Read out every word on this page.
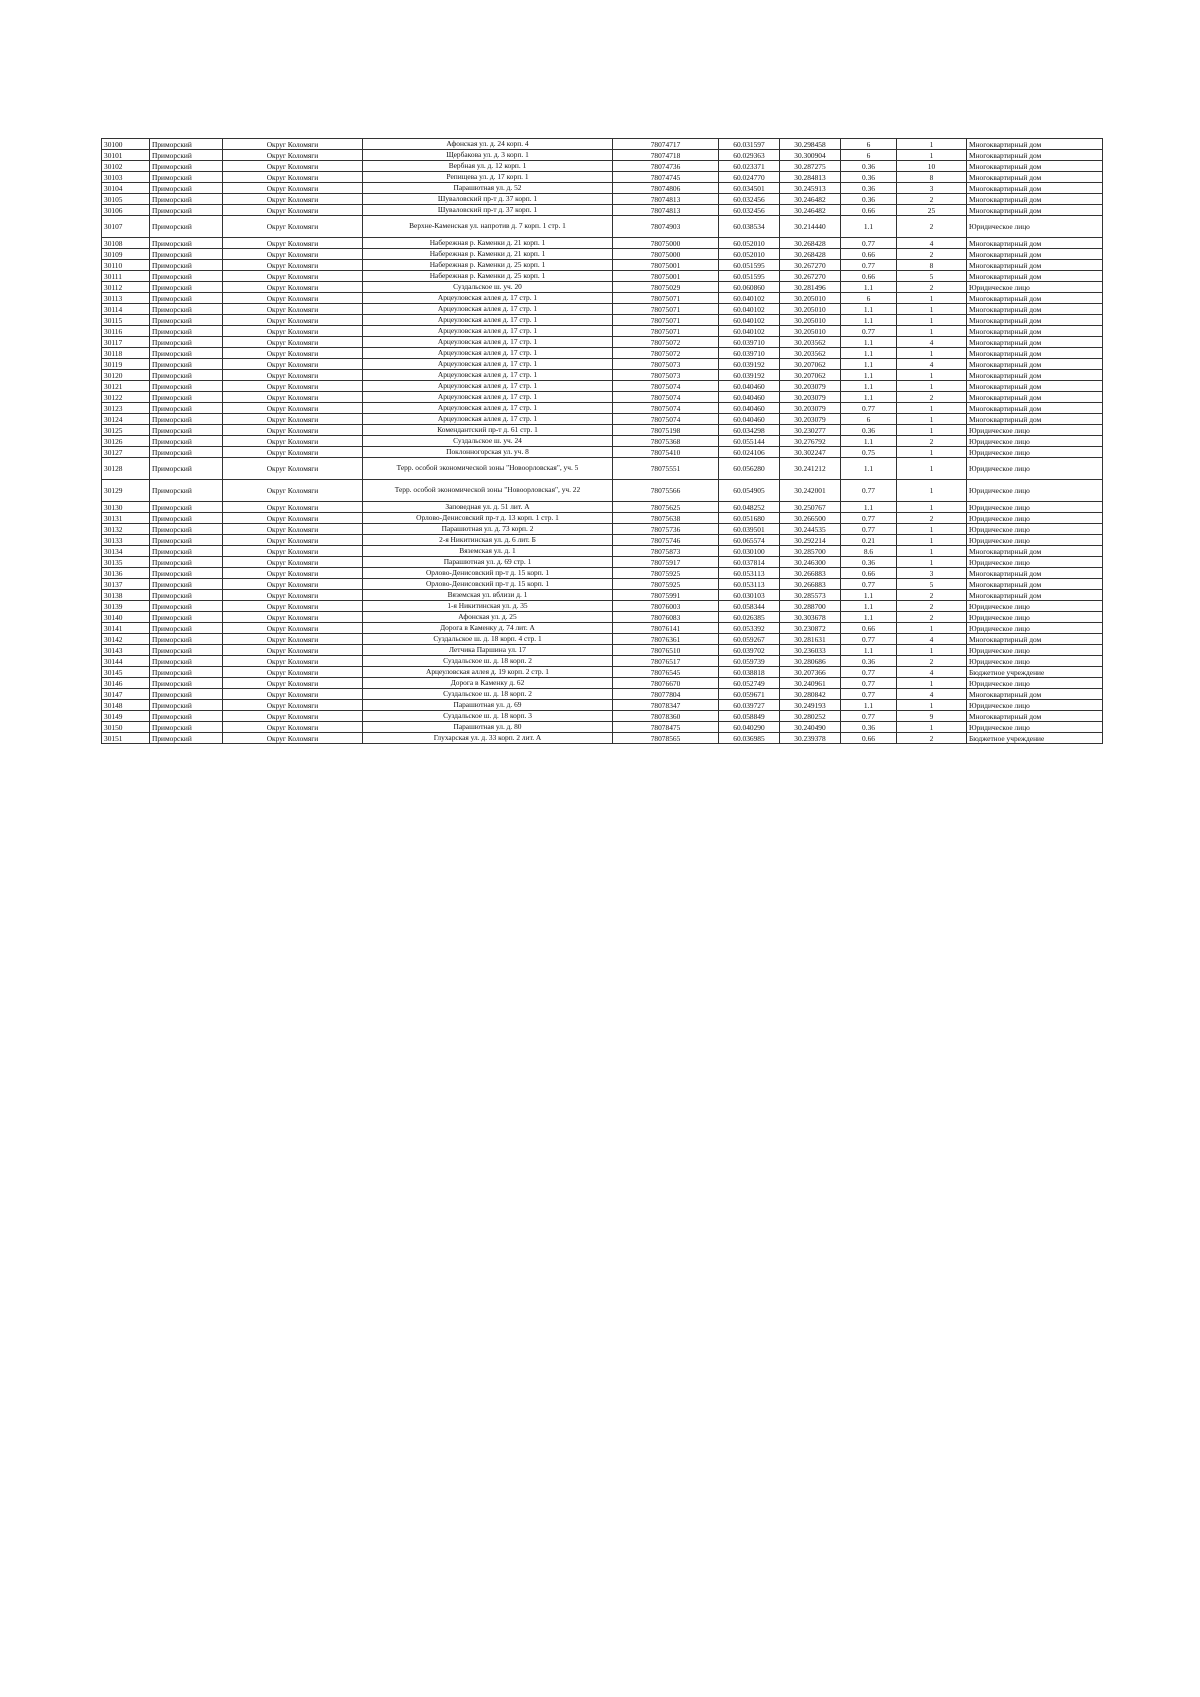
30100	Приморский	Округ Коломяги	Афонская ул. д. 24 корп. 4	78074717	60.031597	30.298458	6	1	Многоквартирный дом
30101	Приморский	Округ Коломяги	Щербакова ул. д. 3 корп. 1	78074718	60.029363	30.300904	6	1	Многоквартирный дом
30102	Приморский	Округ Коломяги	Вербная ул. д. 12 корп. 1	78074736	60.023371	30.287275	0.36	10	Многоквартирный дом
30103	Приморский	Округ Коломяги	Репищева ул. д. 17 корп. 1	78074745	60.024770	30.284813	0.36	8	Многоквартирный дом
30104	Приморский	Округ Коломяги	Парашютная ул. д. 52	78074806	60.034501	30.245913	0.36	3	Многоквартирный дом
30105	Приморский	Округ Коломяги	Шуваловский пр-т д. 37 корп. 1	78074813	60.032456	30.246482	0.36	2	Многоквартирный дом
30106	Приморский	Округ Коломяги	Шуваловский пр-т д. 37 корп. 1	78074813	60.032456	30.246482	0.66	25	Многоквартирный дом
30107	Приморский	Округ Коломяги	Верхне-Каменская ул. напротив д. 7 корп. 1 стр. 1	78074903	60.038534	30.214440	1.1	2	Юридическое лицо
30108	Приморский	Округ Коломяги	Набережная р. Каменки д. 21 корп. 1	78075000	60.052010	30.268428	0.77	4	Многоквартирный дом
30109	Приморский	Округ Коломяги	Набережная р. Каменки д. 21 корп. 1	78075000	60.052010	30.268428	0.66	2	Многоквартирный дом
30110	Приморский	Округ Коломяги	Набережная р. Каменки д. 25 корп. 1	78075001	60.051595	30.267270	0.77	8	Многоквартирный дом
30111	Приморский	Округ Коломяги	Набережная р. Каменки д. 25 корп. 1	78075001	60.051595	30.267270	0.66	5	Многоквартирный дом
30112	Приморский	Округ Коломяги	Суздальское ш. уч. 20	78075029	60.060860	30.281496	1.1	2	Юридическое лицо
30113	Приморский	Округ Коломяги	Арцеуловская аллея д. 17 стр. 1	78075071	60.040102	30.205010	6	1	Многоквартирный дом
30114	Приморский	Округ Коломяги	Арцеуловская аллея д. 17 стр. 1	78075071	60.040102	30.205010	1.1	1	Многоквартирный дом
30115	Приморский	Округ Коломяги	Арцеуловская аллея д. 17 стр. 1	78075071	60.040102	30.205010	1.1	1	Многоквартирный дом
30116	Приморский	Округ Коломяги	Арцеуловская аллея д. 17 стр. 1	78075071	60.040102	30.205010	0.77	1	Многоквартирный дом
30117	Приморский	Округ Коломяги	Арцеуловская аллея д. 17 стр. 1	78075072	60.039710	30.203562	1.1	4	Многоквартирный дом
30118	Приморский	Округ Коломяги	Арцеуловская аллея д. 17 стр. 1	78075072	60.039710	30.203562	1.1	1	Многоквартирный дом
30119	Приморский	Округ Коломяги	Арцеуловская аллея д. 17 стр. 1	78075073	60.039192	30.207062	1.1	4	Многоквартирный дом
30120	Приморский	Округ Коломяги	Арцеуловская аллея д. 17 стр. 1	78075073	60.039192	30.207062	1.1	1	Многоквартирный дом
30121	Приморский	Округ Коломяги	Арцеуловская аллея д. 17 стр. 1	78075074	60.040460	30.203079	1.1	1	Многоквартирный дом
30122	Приморский	Округ Коломяги	Арцеуловская аллея д. 17 стр. 1	78075074	60.040460	30.203079	1.1	2	Многоквартирный дом
30123	Приморский	Округ Коломяги	Арцеуловская аллея д. 17 стр. 1	78075074	60.040460	30.203079	0.77	1	Многоквартирный дом
30124	Приморский	Округ Коломяги	Арцеуловская аллея д. 17 стр. 1	78075074	60.040460	30.203079	6	1	Многоквартирный дом
30125	Приморский	Округ Коломяги	Комендантский пр-т д. 61 стр. 1	78075198	60.034298	30.230277	0.36	1	Юридическое лицо
30126	Приморский	Округ Коломяги	Суздальское ш. уч. 24	78075368	60.055144	30.276792	1.1	2	Юридическое лицо
30127	Приморский	Округ Коломяги	Поклонногорская ул. уч. 8	78075410	60.024106	30.302247	0.75	1	Юридическое лицо
30128	Приморский	Округ Коломяги	Терр. особой экономической зоны "Новоорловская", уч. 5	78075551	60.056280	30.241212	1.1	1	Юридическое лицо
30129	Приморский	Округ Коломяги	Терр. особой экономической зоны "Новоорловская", уч. 22	78075566	60.054905	30.242001	0.77	1	Юридическое лицо
30130	Приморский	Округ Коломяги	Заповедная ул. д. 51 лит. А	78075625	60.048252	30.250767	1.1	1	Юридическое лицо
30131	Приморский	Округ Коломяги	Орлово-Денисовский пр-т д. 13 корп. 1 стр. 1	78075638	60.051680	30.266500	0.77	2	Юридическое лицо
30132	Приморский	Округ Коломяги	Парашютная ул. д. 73 корп. 2	78075736	60.039501	30.244535	0.77	1	Юридическое лицо
30133	Приморский	Округ Коломяги	2-я Никитинская ул. д. 6 лит. Б	78075746	60.065574	30.292214	0.21	1	Юридическое лицо
30134	Приморский	Округ Коломяги	Вяземская ул. д. 1	78075873	60.030100	30.285700	8.6	1	Многоквартирный дом
30135	Приморский	Округ Коломяги	Парашютная ул. д. 69 стр. 1	78075917	60.037814	30.246300	0.36	1	Юридическое лицо
30136	Приморский	Округ Коломяги	Орлово-Денисовский пр-т д. 15 корп. 1	78075925	60.053113	30.266883	0.66	3	Многоквартирный дом
30137	Приморский	Округ Коломяги	Орлово-Денисовский пр-т д. 15 корп. 1	78075925	60.053113	30.266883	0.77	5	Многоквартирный дом
30138	Приморский	Округ Коломяги	Вяземская ул. вблизи д. 1	78075991	60.030103	30.285573	1.1	2	Многоквартирный дом
30139	Приморский	Округ Коломяги	1-я Никитинская ул. д. 35	78076003	60.058344	30.288700	1.1	2	Юридическое лицо
30140	Приморский	Округ Коломяги	Афонская ул. д. 25	78076083	60.026385	30.303678	1.1	2	Юридическое лицо
30141	Приморский	Округ Коломяги	Дорога в Каменку д. 74 лит. А	78076141	60.053392	30.230872	0.66	1	Юридическое лицо
30142	Приморский	Округ Коломяги	Суздальское ш. д. 18 корп. 4 стр. 1	78076361	60.059267	30.281631	0.77	4	Многоквартирный дом
30143	Приморский	Округ Коломяги	Летчика Паршина ул. 17	78076510	60.039702	30.236033	1.1	1	Юридическое лицо
30144	Приморский	Округ Коломяги	Суздальское ш. д. 18 корп. 2	78076517	60.059739	30.280686	0.36	2	Юридическое лицо
30145	Приморский	Округ Коломяги	Арцеуловская аллея д. 19 корп. 2 стр. 1	78076545	60.038818	30.207366	0.77	4	Бюджетное учреждение
30146	Приморский	Округ Коломяги	Дорога в Каменку д. 62	78076670	60.052749	30.240961	0.77	1	Юридическое лицо
30147	Приморский	Округ Коломяги	Суздальское ш. д. 18 корп. 2	78077804	60.059671	30.280842	0.77	4	Многоквартирный дом
30148	Приморский	Округ Коломяги	Парашютная ул. д. 69	78078347	60.039727	30.249193	1.1	1	Юридическое лицо
30149	Приморский	Округ Коломяги	Суздальское ш. д. 18 корп. 3	78078360	60.058849	30.280252	0.77	9	Многоквартирный дом
30150	Приморский	Округ Коломяги	Парашютная ул. д. 80	78078475	60.040290	30.240490	0.36	1	Юридическое лицо
30151	Приморский	Округ Коломяги	Глухарская ул. д. 33 корп. 2 лит. А	78078565	60.036985	30.239378	0.66	2	Бюджетное учреждение
